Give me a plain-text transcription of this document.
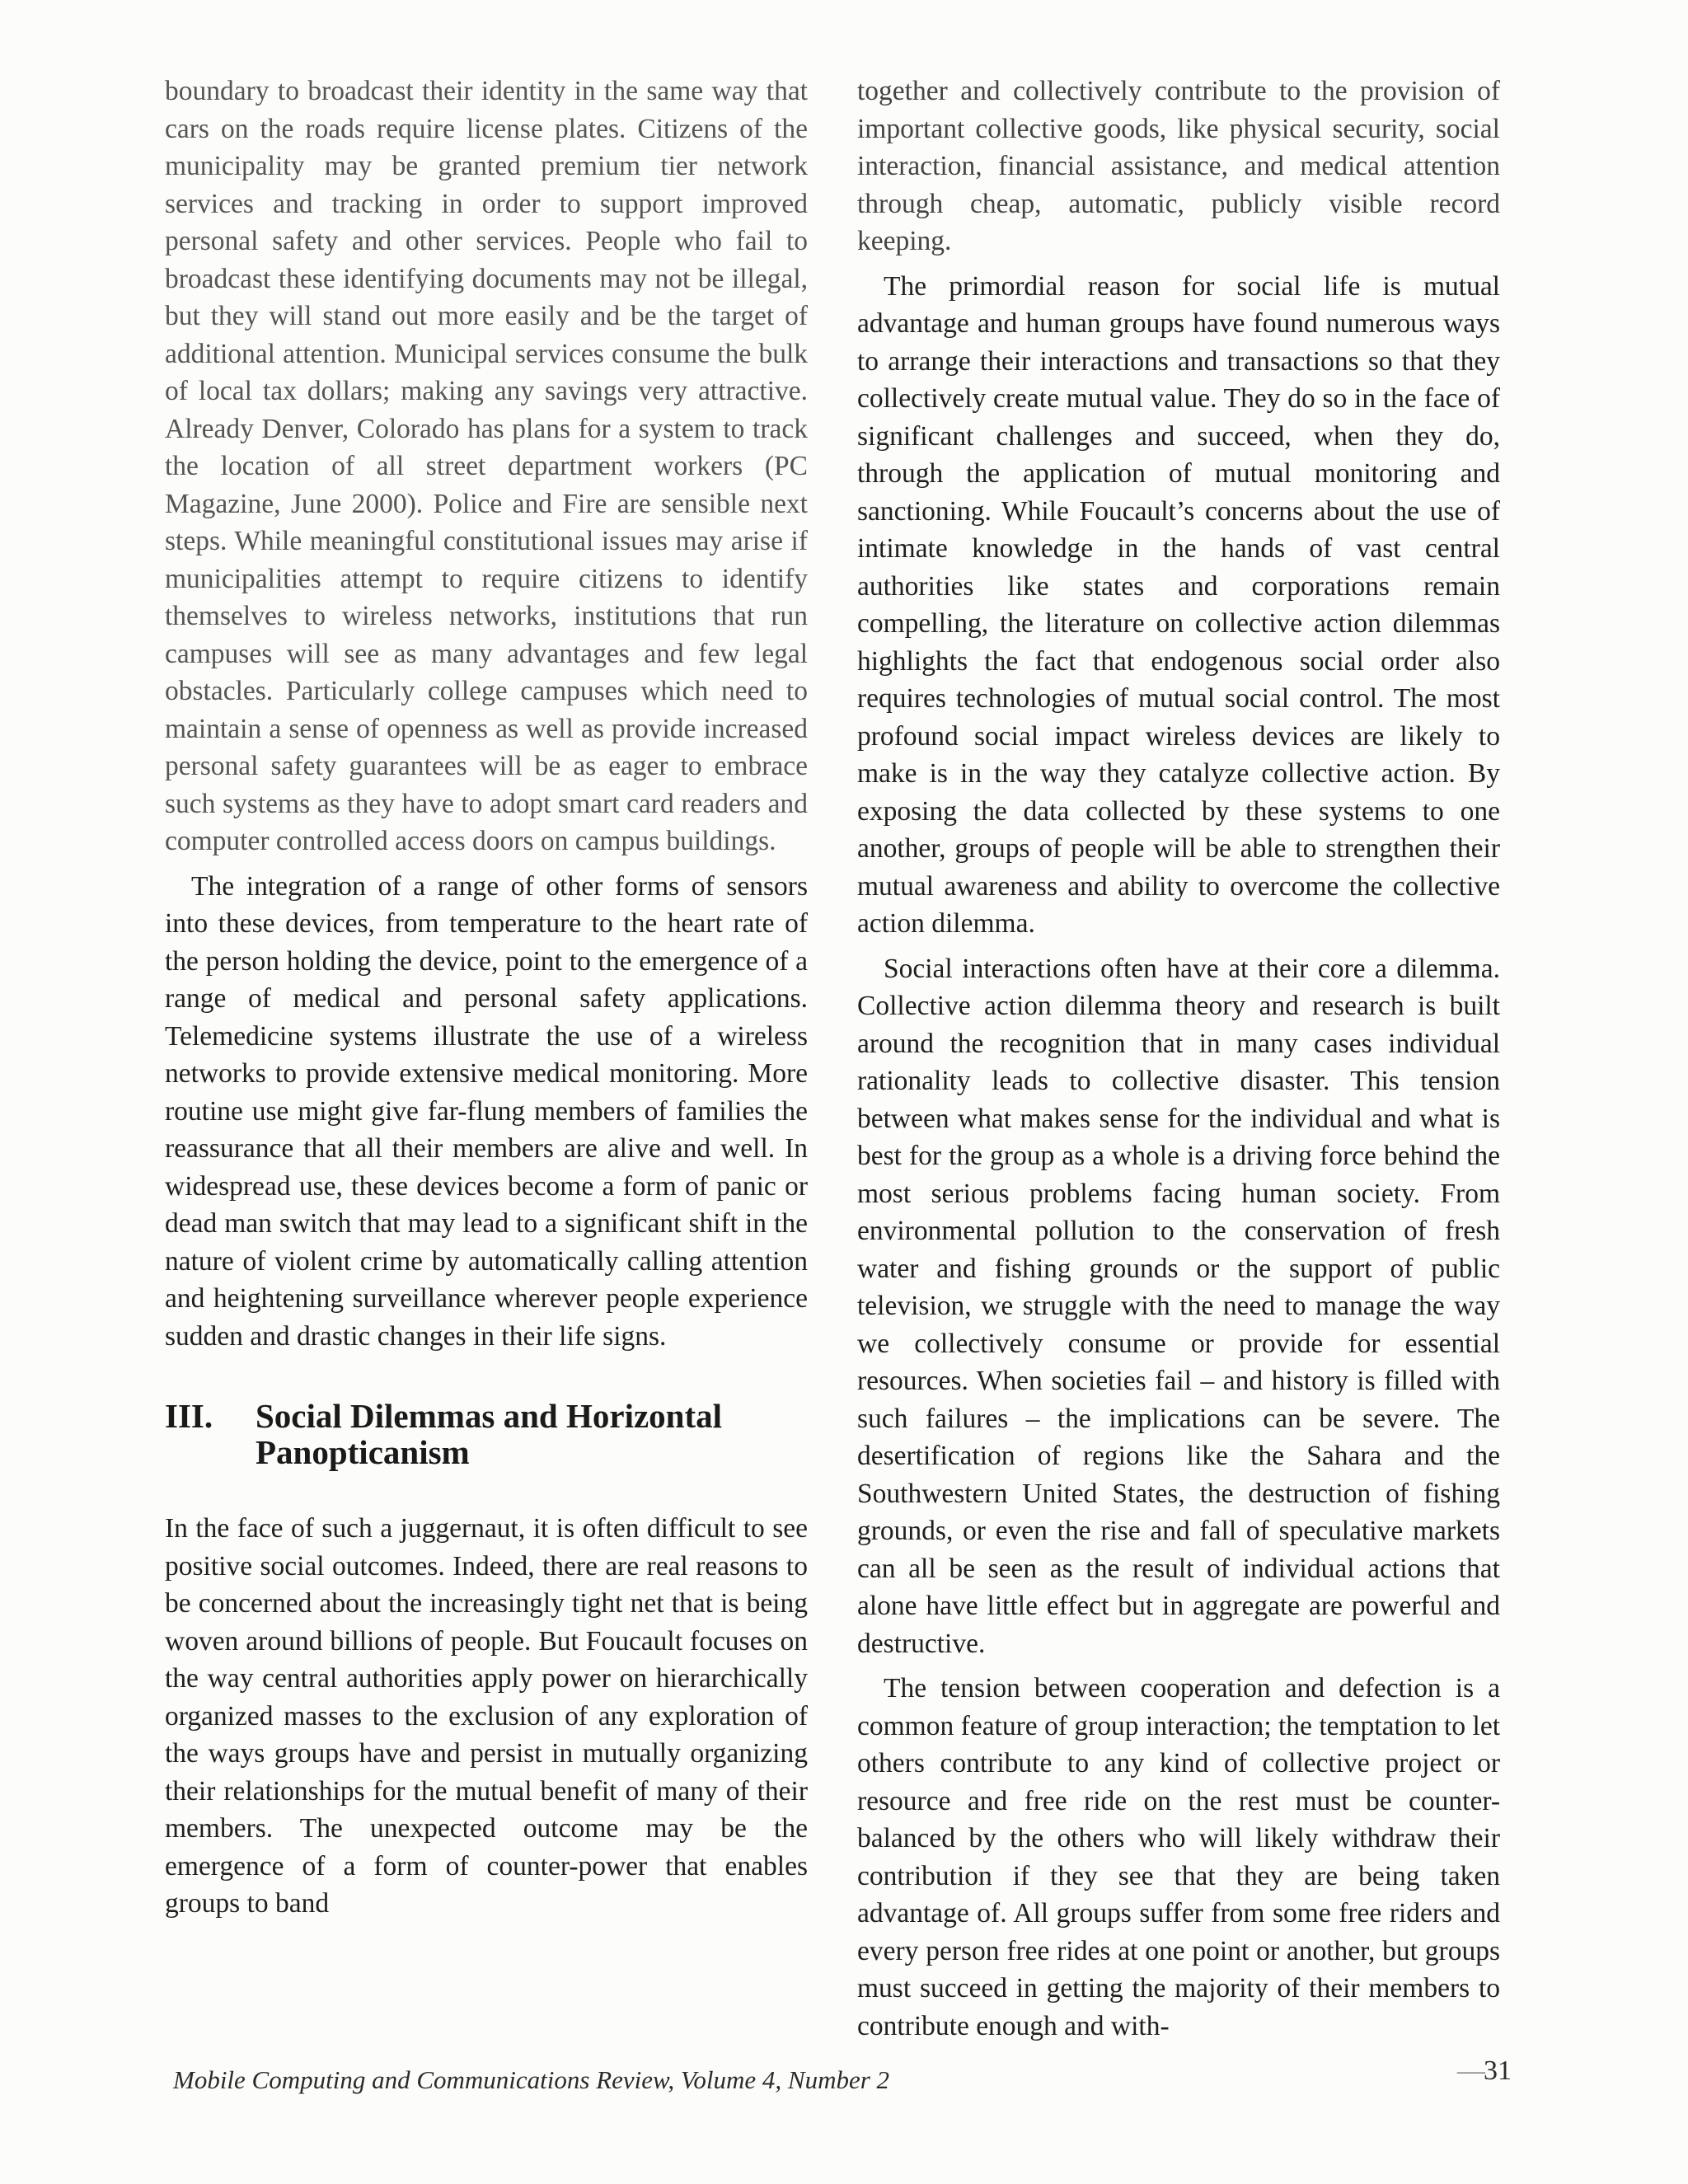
boundary to broadcast their identity in the same way that cars on the roads require license plates. Citizens of the municipality may be granted premium tier network services and tracking in order to support improved personal safety and other services. People who fail to broadcast these identifying documents may not be illegal, but they will stand out more easily and be the target of additional attention. Municipal services consume the bulk of local tax dollars; making any savings very attractive. Already Denver, Colorado has plans for a system to track the location of all street department workers (PC Magazine, June 2000). Police and Fire are sensible next steps. While meaningful constitutional issues may arise if municipalities attempt to require citizens to identify themselves to wireless networks, institutions that run campuses will see as many advantages and few legal obstacles. Particularly college campuses which need to maintain a sense of openness as well as provide increased personal safety guarantees will be as eager to embrace such systems as they have to adopt smart card readers and computer controlled access doors on campus buildings.

The integration of a range of other forms of sensors into these devices, from temperature to the heart rate of the person holding the device, point to the emergence of a range of medical and personal safety applications. Telemedicine systems illustrate the use of a wireless networks to provide extensive medical monitoring. More routine use might give far-flung members of families the reassurance that all their members are alive and well. In widespread use, these devices become a form of panic or dead man switch that may lead to a significant shift in the nature of violent crime by automatically calling attention and heightening surveillance wherever people experience sudden and drastic changes in their life signs.

III.	Social Dilemmas and Horizontal Panopticanism

In the face of such a juggernaut, it is often difficult to see positive social outcomes. Indeed, there are real reasons to be concerned about the increasingly tight net that is being woven around billions of people. But Foucault focuses on the way central authorities apply power on hierarchically organized masses to the exclusion of any exploration of the ways groups have and persist in mutually organizing their relationships for the mutual benefit of many of their members. The unexpected outcome may be the emergence of a form of counter-power that enables groups to band

together and collectively contribute to the provision of important collective goods, like physical security, social interaction, financial assistance, and medical attention through cheap, automatic, publicly visible record keeping.

The primordial reason for social life is mutual advantage and human groups have found numerous ways to arrange their interactions and transactions so that they collectively create mutual value. They do so in the face of significant challenges and succeed, when they do, through the application of mutual monitoring and sanctioning. While Foucault’s concerns about the use of intimate knowledge in the hands of vast central authorities like states and corporations remain compelling, the literature on collective action dilemmas highlights the fact that endogenous social order also requires technologies of mutual social control. The most profound social impact wireless devices are likely to make is in the way they catalyze collective action. By exposing the data collected by these systems to one another, groups of people will be able to strengthen their mutual awareness and ability to overcome the collective action dilemma.

Social interactions often have at their core a dilemma. Collective action dilemma theory and research is built around the recognition that in many cases individual rationality leads to collective disaster. This tension between what makes sense for the individual and what is best for the group as a whole is a driving force behind the most serious problems facing human society. From environmental pollution to the conservation of fresh water and fishing grounds or the support of public television, we struggle with the need to manage the way we collectively consume or provide for essential resources. When societies fail – and history is filled with such failures – the implications can be severe. The desertification of regions like the Sahara and the Southwestern United States, the destruction of fishing grounds, or even the rise and fall of speculative markets can all be seen as the result of individual actions that alone have little effect but in aggregate are powerful and destructive.

The tension between cooperation and defection is a common feature of group interaction; the temptation to let others contribute to any kind of collective project or resource and free ride on the rest must be counter-balanced by the others who will likely withdraw their contribution if they see that they are being taken advantage of. All groups suffer from some free riders and every person free rides at one point or another, but groups must succeed in getting the majority of their members to contribute enough and with-

Mobile Computing and Communications Review, Volume 4, Number 2	—31
